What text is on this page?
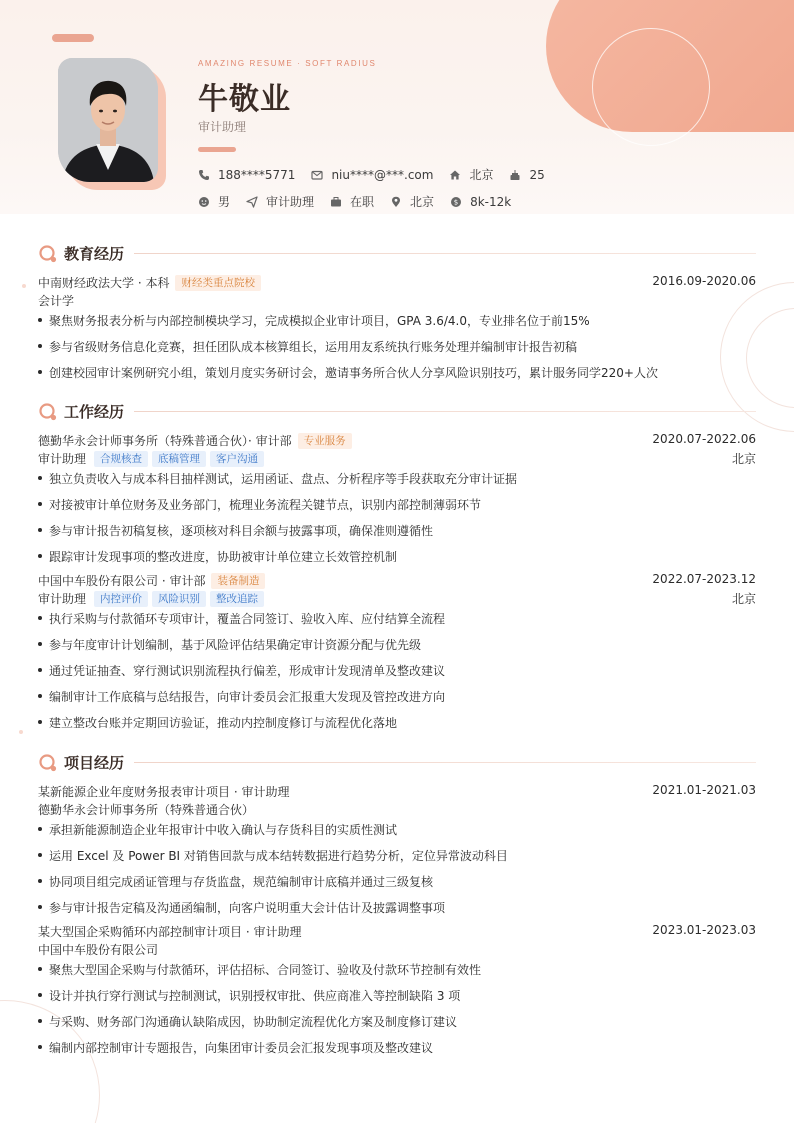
AMAZING RESUME · SOFT RADIUS
牛敬业
审计助理
188****5771	niu****@***.com	北京	25
男	审计助理	在职	北京	$ 8k-12k
教育经历
中南财经政法大学 · 本科	财经类重点院校	2016.09-2020.06
会计学
聚焦财务报表分析与内部控制模块学习，完成模拟企业审计项目，GPA 3.6/4.0，专业排名位于前15%
参与省级财务信息化竞赛，担任团队成本核算组长，运用用友系统执行账务处理并编制审计报告初稿
创建校园审计案例研究小组，策划月度实务研讨会，邀请事务所合伙人分享风险识别技巧，累计服务同学220+人次
工作经历
德勤华永会计师事务所（特殊普通合伙）· 审计部	专业服务	2020.07-2022.06
审计助理	合规核查	底稿管理	客户沟通	北京
独立负责收入与成本科目抽样测试，运用函证、盘点、分析程序等手段获取充分审计证据
对接被审计单位财务及业务部门，梳理业务流程关键节点，识别内部控制薄弱环节
参与审计报告初稿复核，逐项核对科目余额与披露事项，确保准则遵循性
跟踪审计发现事项的整改进度，协助被审计单位建立长效管控机制
中国中车股份有限公司 · 审计部	装备制造	2022.07-2023.12
审计助理	内控评价	风险识别	整改追踪	北京
执行采购与付款循环专项审计，覆盖合同签订、验收入库、应付结算全流程
参与年度审计计划编制，基于风险评估结果确定审计资源分配与优先级
通过凭证抽查、穿行测试识别流程执行偏差，形成审计发现清单及整改建议
编制审计工作底稿与总结报告，向审计委员会汇报重大发现及管控改进方向
建立整改台账并定期回访验证，推动内控制度修订与流程优化落地
项目经历
某新能源企业年度财务报表审计项目 · 审计助理	2021.01-2021.03
德勤华永会计师事务所（特殊普通合伙）
承担新能源制造企业年报审计中收入确认与存货科目的实质性测试
运用 Excel 及 Power BI 对销售回款与成本结转数据进行趋势分析，定位异常波动科目
协同项目组完成函证管理与存货监盘，规范编制审计底稿并通过三级复核
参与审计报告定稿及沟通函编制，向客户说明重大会计估计及披露调整事项
某大型国企采购循环内部控制审计项目 · 审计助理	2023.01-2023.03
中国中车股份有限公司
聚焦大型国企采购与付款循环，评估招标、合同签订、验收及付款环节控制有效性
设计并执行穿行测试与控制测试，识别授权审批、供应商准入等控制缺陷 3 项
与采购、财务部门沟通确认缺陷成因，协助制定流程优化方案及制度修订建议
编制内部控制审计专题报告，向集团审计委员会汇报发现事项及整改建议
